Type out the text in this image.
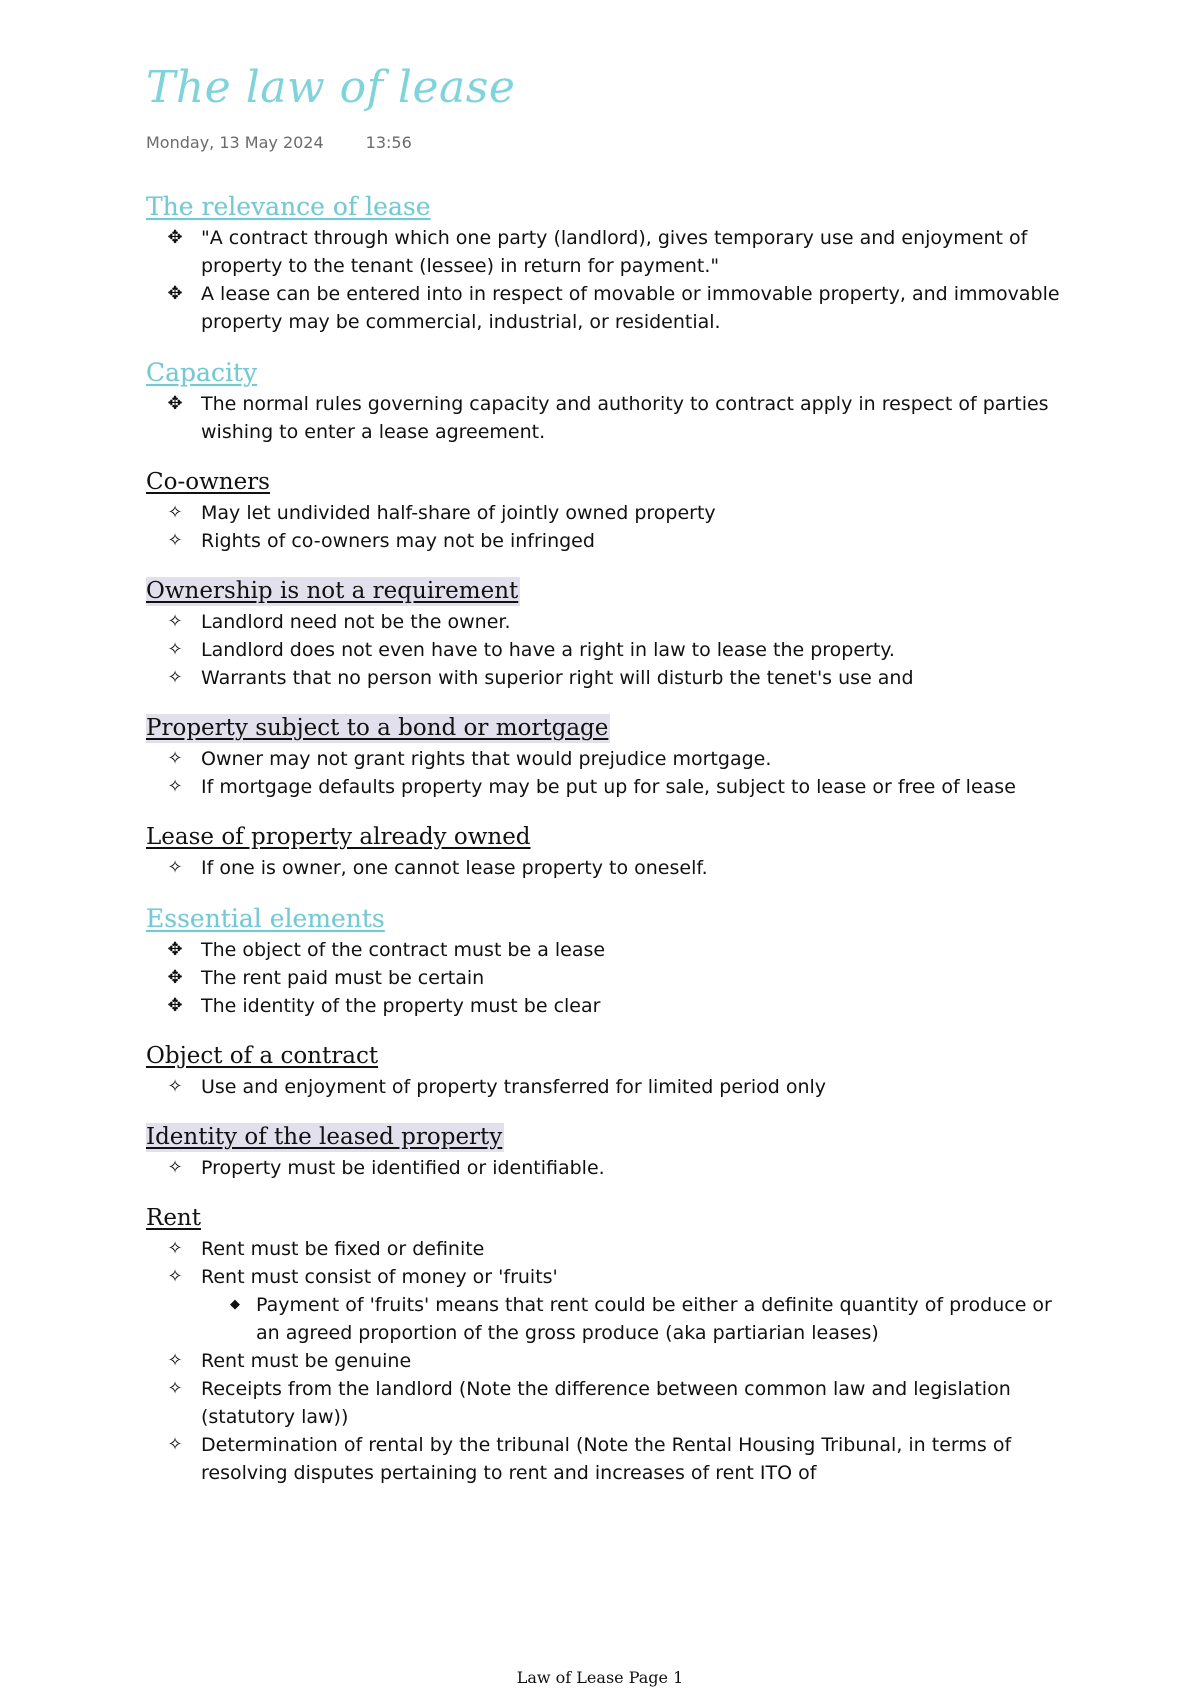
The law of lease
Monday, 13 May 2024	13:56
The relevance of lease
✥ "A contract through which one party (landlord), gives temporary use and enjoyment of property to the tenant (lessee) in return for payment."
✥ A lease can be entered into in respect of movable or immovable property, and immovable property may be commercial, industrial, or residential.
Capacity
✥ The normal rules governing capacity and authority to contract apply in respect of parties wishing to enter a lease agreement.
Co-owners
✧ May let undivided half-share of jointly owned property
✧ Rights of co-owners may not be infringed
Ownership is not a requirement
✧ Landlord need not be the owner.
✧ Landlord does not even have to have a right in law to lease the property.
✧ Warrants that no person with superior right will disturb the tenet's use and
Property subject to a bond or mortgage
✧ Owner may not grant rights that would prejudice mortgage.
✧ If mortgage defaults property may be put up for sale, subject to lease or free of lease
Lease of property already owned
✧ If one is owner, one cannot lease property to oneself.
Essential elements
✥ The object of the contract must be a lease
✥ The rent paid must be certain
✥ The identity of the property must be clear
Object of a contract
✧ Use and enjoyment of property transferred for limited period only
Identity of the leased property
✧ Property must be identified or identifiable.
Rent
✧ Rent must be fixed or definite
✧ Rent must consist of money or 'fruits'
◆ Payment of 'fruits' means that rent could be either a definite quantity of produce or an agreed proportion of the gross produce (aka partiarian leases)
✧ Rent must be genuine
✧ Receipts from the landlord (Note the difference between common law and legislation (statutory law))
✧ Determination of rental by the tribunal (Note the Rental Housing Tribunal, in terms of resolving disputes pertaining to rent and increases of rent ITO of
Law of Lease Page 1
